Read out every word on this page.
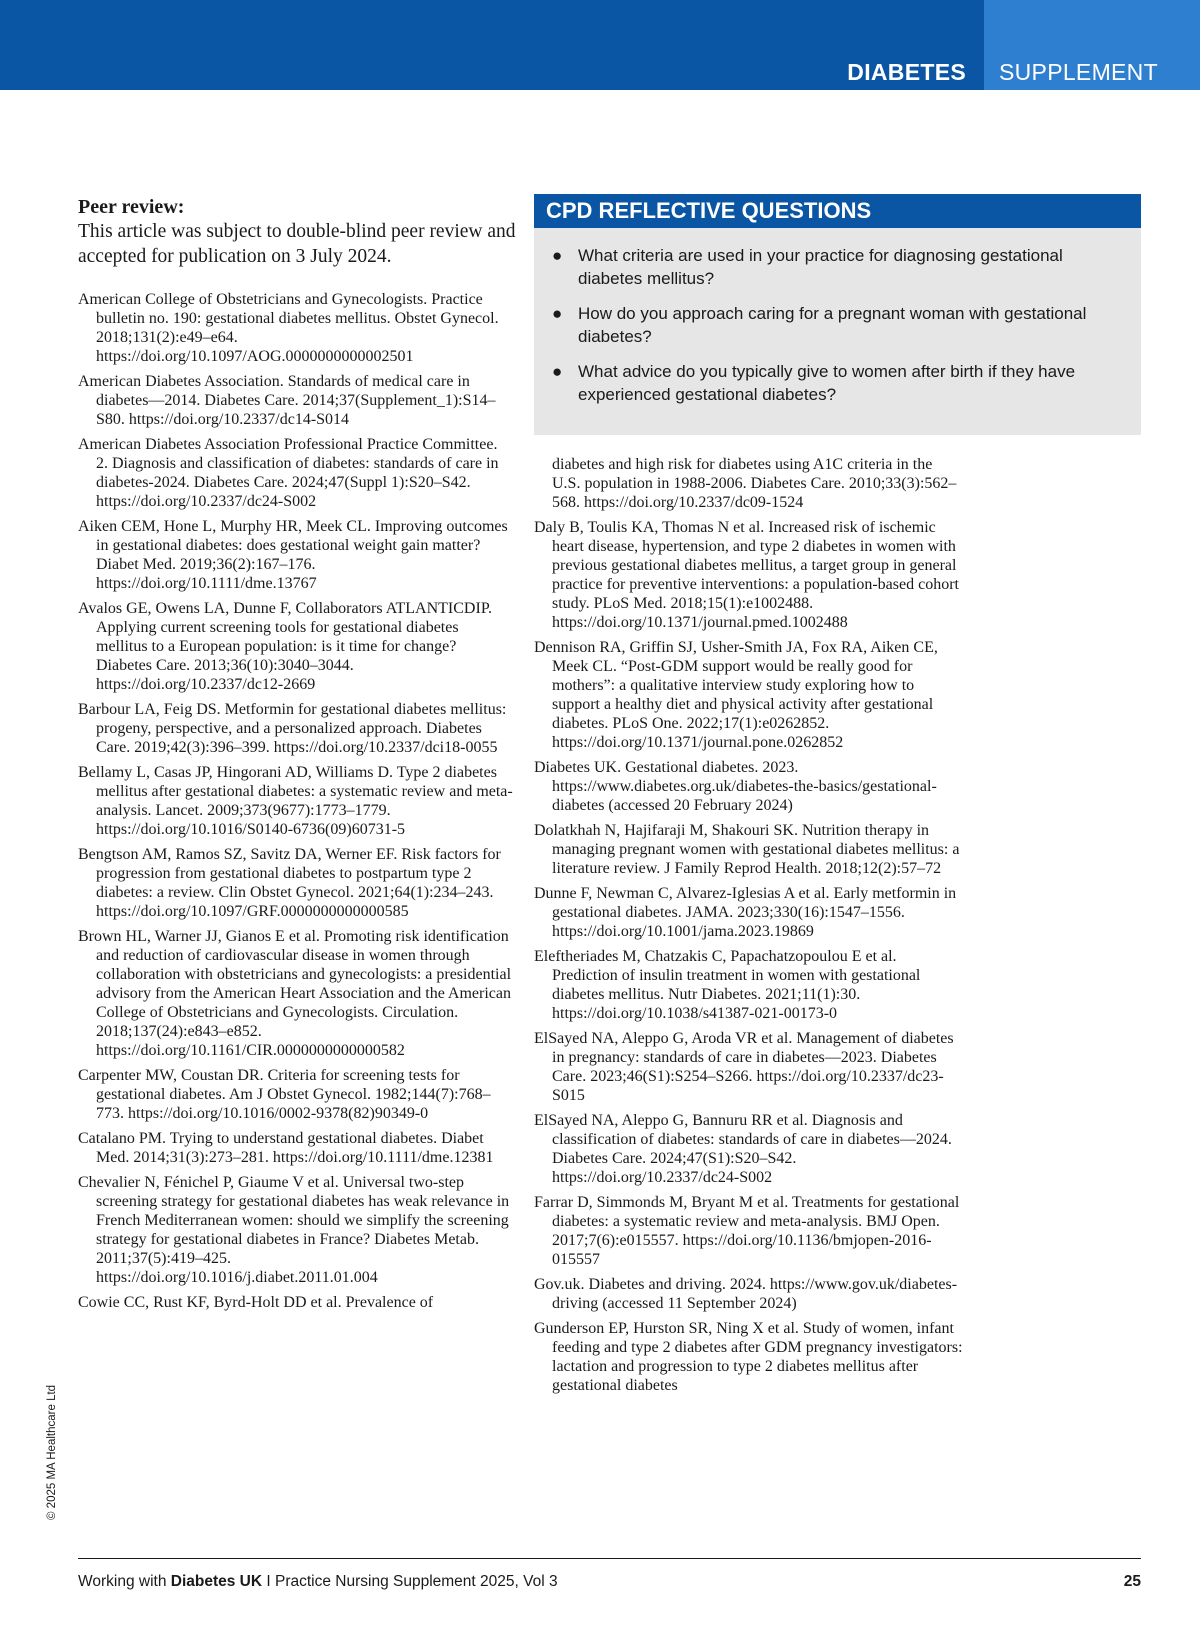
DIABETES SUPPLEMENT
Peer review:
This article was subject to double-blind peer review and accepted for publication on 3 July 2024.

American College of Obstetricians and Gynecologists. Practice bulletin no. 190: gestational diabetes mellitus. Obstet Gynecol. 2018;131(2):e49–e64. https://doi.org/10.1097/AOG.0000000000002501

American Diabetes Association. Standards of medical care in diabetes—2014. Diabetes Care. 2014;37(Supplement_1):S14–S80. https://doi.org/10.2337/dc14-S014

American Diabetes Association Professional Practice Committee. 2. Diagnosis and classification of diabetes: standards of care in diabetes-2024. Diabetes Care. 2024;47(Suppl 1):S20–S42. https://doi.org/10.2337/dc24-S002

Aiken CEM, Hone L, Murphy HR, Meek CL. Improving outcomes in gestational diabetes: does gestational weight gain matter? Diabet Med. 2019;36(2):167–176. https://doi.org/10.1111/dme.13767

Avalos GE, Owens LA, Dunne F, Collaborators ATLANTICDIP. Applying current screening tools for gestational diabetes mellitus to a European population: is it time for change? Diabetes Care. 2013;36(10):3040–3044. https://doi.org/10.2337/dc12-2669

Barbour LA, Feig DS. Metformin for gestational diabetes mellitus: progeny, perspective, and a personalized approach. Diabetes Care. 2019;42(3):396–399. https://doi.org/10.2337/dci18-0055

Bellamy L, Casas JP, Hingorani AD, Williams D. Type 2 diabetes mellitus after gestational diabetes: a systematic review and meta-analysis. Lancet. 2009;373(9677):1773–1779. https://doi.org/10.1016/S0140-6736(09)60731-5

Bengtson AM, Ramos SZ, Savitz DA, Werner EF. Risk factors for progression from gestational diabetes to postpartum type 2 diabetes: a review. Clin Obstet Gynecol. 2021;64(1):234–243. https://doi.org/10.1097/GRF.0000000000000585

Brown HL, Warner JJ, Gianos E et al. Promoting risk identification and reduction of cardiovascular disease in women through collaboration with obstetricians and gynecologists: a presidential advisory from the American Heart Association and the American College of Obstetricians and Gynecologists. Circulation. 2018;137(24):e843–e852. https://doi.org/10.1161/CIR.0000000000000582

Carpenter MW, Coustan DR. Criteria for screening tests for gestational diabetes. Am J Obstet Gynecol. 1982;144(7):768–773. https://doi.org/10.1016/0002-9378(82)90349-0

Catalano PM. Trying to understand gestational diabetes. Diabet Med. 2014;31(3):273–281. https://doi.org/10.1111/dme.12381

Chevalier N, Fénichel P, Giaume V et al. Universal two-step screening strategy for gestational diabetes has weak relevance in French Mediterranean women: should we simplify the screening strategy for gestational diabetes in France? Diabetes Metab. 2011;37(5):419–425. https://doi.org/10.1016/j.diabet.2011.01.004

Cowie CC, Rust KF, Byrd-Holt DD et al. Prevalence of

CPD REFLECTIVE QUESTIONS
● What criteria are used in your practice for diagnosing gestational diabetes mellitus?
● How do you approach caring for a pregnant woman with gestational diabetes?
● What advice do you typically give to women after birth if they have experienced gestational diabetes?

diabetes and high risk for diabetes using A1C criteria in the U.S. population in 1988-2006. Diabetes Care. 2010;33(3):562–568. https://doi.org/10.2337/dc09-1524

Daly B, Toulis KA, Thomas N et al. Increased risk of ischemic heart disease, hypertension, and type 2 diabetes in women with previous gestational diabetes mellitus, a target group in general practice for preventive interventions: a population-based cohort study. PLoS Med. 2018;15(1):e1002488. https://doi.org/10.1371/journal.pmed.1002488

Dennison RA, Griffin SJ, Usher-Smith JA, Fox RA, Aiken CE, Meek CL. “Post-GDM support would be really good for mothers”: a qualitative interview study exploring how to support a healthy diet and physical activity after gestational diabetes. PLoS One. 2022;17(1):e0262852. https://doi.org/10.1371/journal.pone.0262852

Diabetes UK. Gestational diabetes. 2023. https://www.diabetes.org.uk/diabetes-the-basics/gestational-diabetes (accessed 20 February 2024)

Dolatkhah N, Hajifaraji M, Shakouri SK. Nutrition therapy in managing pregnant women with gestational diabetes mellitus: a literature review. J Family Reprod Health. 2018;12(2):57–72

Dunne F, Newman C, Alvarez-Iglesias A et al. Early metformin in gestational diabetes. JAMA. 2023;330(16):1547–1556. https://doi.org/10.1001/jama.2023.19869

Eleftheriades M, Chatzakis C, Papachatzopoulou E et al. Prediction of insulin treatment in women with gestational diabetes mellitus. Nutr Diabetes. 2021;11(1):30. https://doi.org/10.1038/s41387-021-00173-0

ElSayed NA, Aleppo G, Aroda VR et al. Management of diabetes in pregnancy: standards of care in diabetes—2023. Diabetes Care. 2023;46(S1):S254–S266. https://doi.org/10.2337/dc23-S015

ElSayed NA, Aleppo G, Bannuru RR et al. Diagnosis and classification of diabetes: standards of care in diabetes—2024. Diabetes Care. 2024;47(S1):S20–S42. https://doi.org/10.2337/dc24-S002

Farrar D, Simmonds M, Bryant M et al. Treatments for gestational diabetes: a systematic review and meta-analysis. BMJ Open. 2017;7(6):e015557. https://doi.org/10.1136/bmjopen-2016-015557

Gov.uk. Diabetes and driving. 2024. https://www.gov.uk/diabetes-driving (accessed 11 September 2024)

Gunderson EP, Hurston SR, Ning X et al. Study of women, infant feeding and type 2 diabetes after GDM pregnancy investigators: lactation and progression to type 2 diabetes mellitus after gestational diabetes

© 2025 MA Healthcare Ltd
Working with Diabetes UK I Practice Nursing Supplement 2025, Vol 3	25
